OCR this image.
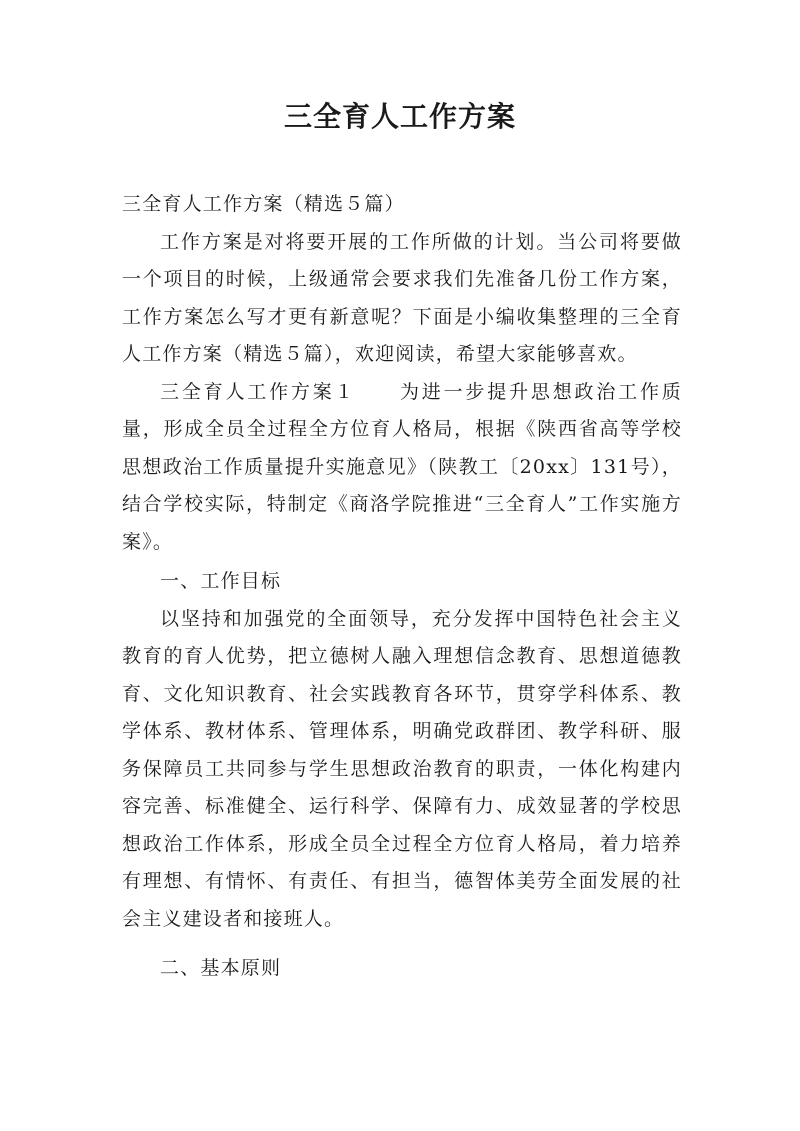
三全育人工作方案

三全育人工作方案（精选５篇）

工作方案是对将要开展的工作所做的计划。当公司将要做一个项目的时候，上级通常会要求我们先准备几份工作方案，工作方案怎么写才更有新意呢？下面是小编收集整理的三全育人工作方案（精选５篇），欢迎阅读，希望大家能够喜欢。

三全育人工作方案１　　为进一步提升思想政治工作质量，形成全员全过程全方位育人格局，根据《陕西省高等学校思想政治工作质量提升实施意见》（陕教工〔20xx〕131号），结合学校实际，特制定《商洛学院推进“三全育人”工作实施方案》。

一、工作目标

以坚持和加强党的全面领导，充分发挥中国特色社会主义教育的育人优势，把立德树人融入理想信念教育、思想道德教育、文化知识教育、社会实践教育各环节，贯穿学科体系、教学体系、教材体系、管理体系，明确党政群团、教学科研、服务保障员工共同参与学生思想政治教育的职责，一体化构建内容完善、标准健全、运行科学、保障有力、成效显著的学校思想政治工作体系，形成全员全过程全方位育人格局，着力培养有理想、有情怀、有责任、有担当，德智体美劳全面发展的社会主义建设者和接班人。

二、基本原则
